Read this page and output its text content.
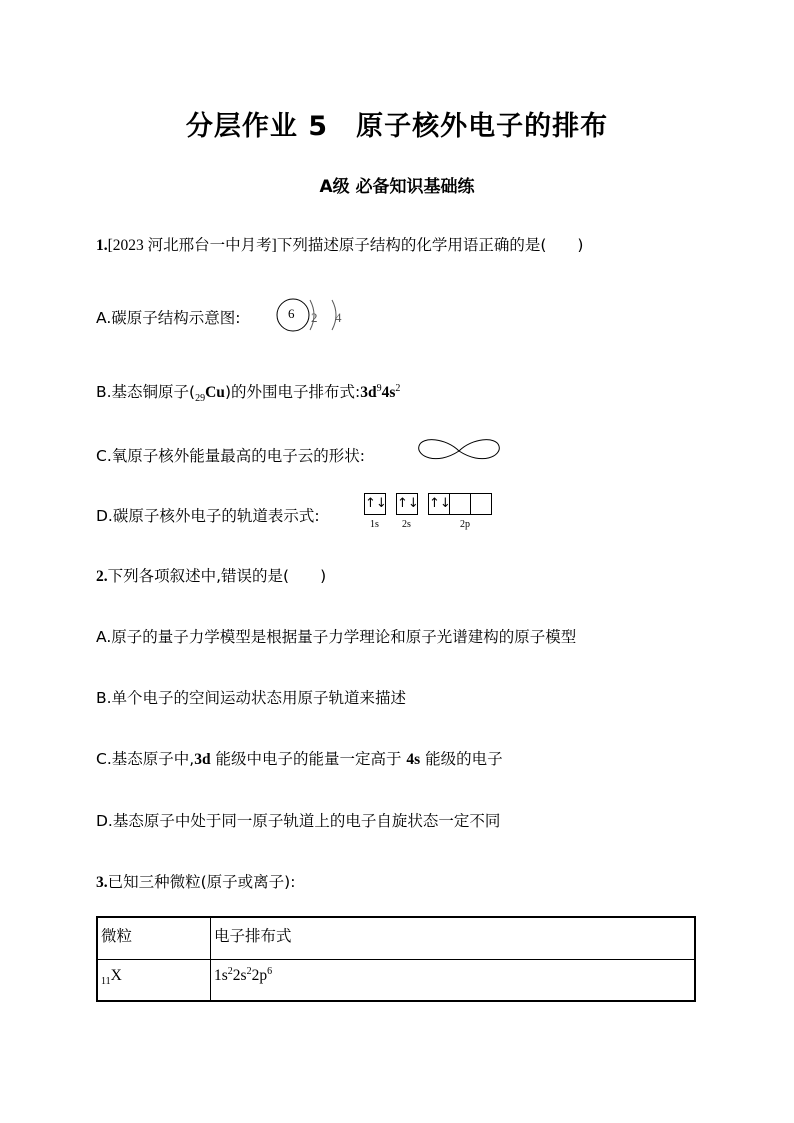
分层作业 5　原子核外电子的排布
A级 必备知识基础练
1.[2023 河北邢台一中月考]下列描述原子结构的化学用语正确的是(　　)
A.碳原子结构示意图:	6 2 4
B.基态铜原子$(_{29}Cu)$的外围电子排布式$:3d^94s^2$
C.氧原子核外能量最高的电子云的形状:
D.碳原子核外电子的轨道表示式:
↑↓ ↑↓ ↑↓
1s 2s	2p
2.下列各项叙述中,错误的是(　　)
A.原子的量子力学模型是根据量子力学理论和原子光谱建构的原子模型
B.单个电子的空间运动状态用原子轨道来描述
C.基态原子中,3d 能级中电子的能量一定高于 4s 能级的电子
D.基态原子中处于同一原子轨道上的电子自旋状态一定不同
3.已知三种微粒(原子或离子):
微粒	电子排布式
$_{11}$X	$1s^22s^22p^6$
